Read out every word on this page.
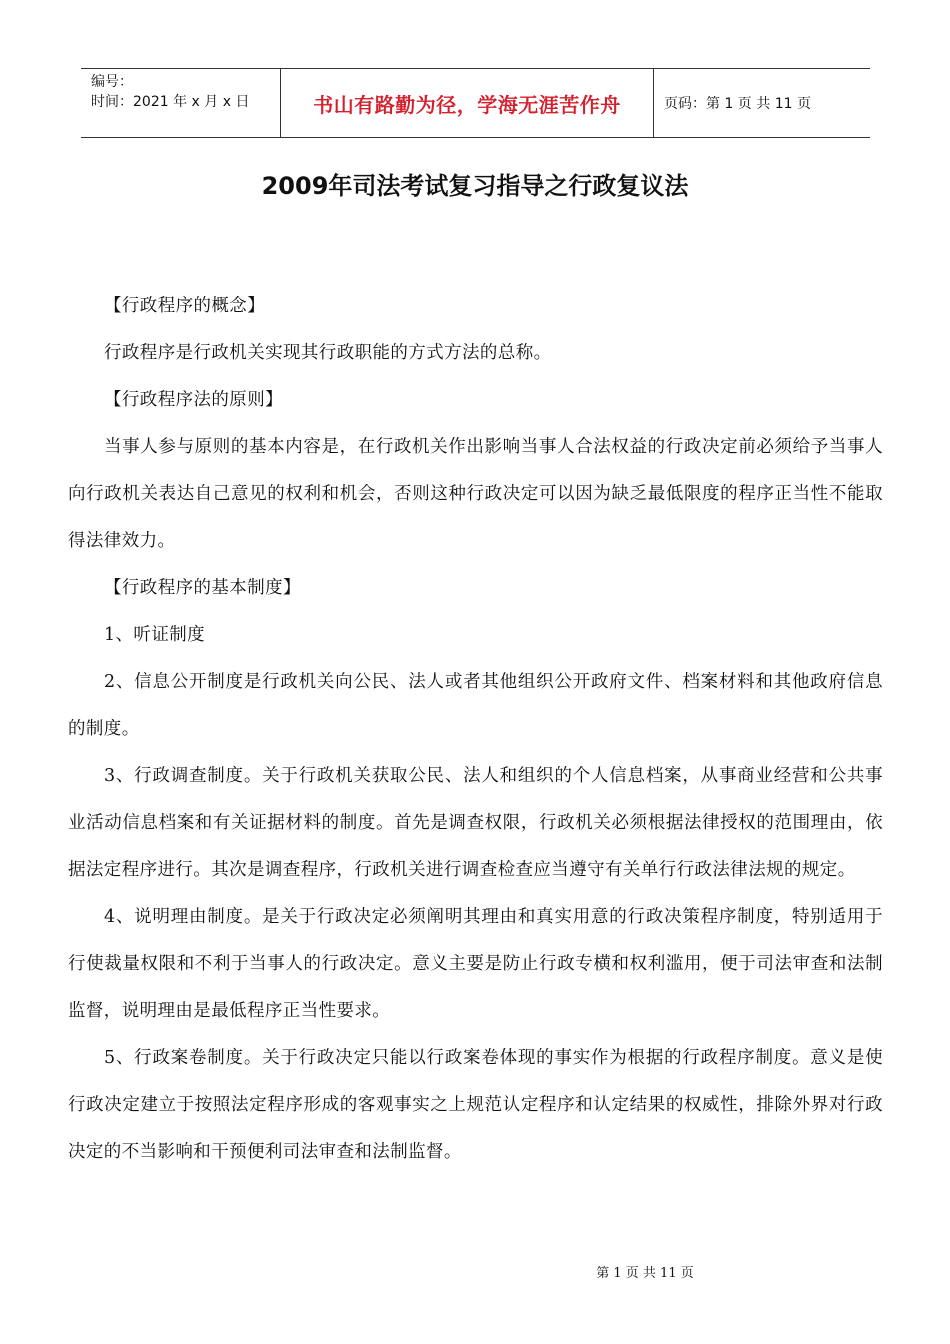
编号：
时间：2021 年 x 月 x 日	书山有路勤为径，学海无涯苦作舟	页码：第 1 页 共 11 页
2009年司法考试复习指导之行政复议法

【行政程序的概念】

行政程序是行政机关实现其行政职能的方式方法的总称。

【行政程序法的原则】

当事人参与原则的基本内容是，在行政机关作出影响当事人合法权益的行政决定前必须给予当事人向行政机关表达自己意见的权利和机会，否则这种行政决定可以因为缺乏最低限度的程序正当性不能取得法律效力。

【行政程序的基本制度】

1、听证制度

2、信息公开制度是行政机关向公民、法人或者其他组织公开政府文件、档案材料和其他政府信息的制度。

3、行政调查制度。关于行政机关获取公民、法人和组织的个人信息档案，从事商业经营和公共事业活动信息档案和有关证据材料的制度。首先是调查权限，行政机关必须根据法律授权的范围理由，依据法定程序进行。其次是调查程序，行政机关进行调查检查应当遵守有关单行行政法律法规的规定。

4、说明理由制度。是关于行政决定必须阐明其理由和真实用意的行政决策程序制度，特别适用于行使裁量权限和不利于当事人的行政决定。意义主要是防止行政专横和权利滥用，便于司法审查和法制监督，说明理由是最低程序正当性要求。

5、行政案卷制度。关于行政决定只能以行政案卷体现的事实作为根据的行政程序制度。意义是使行政决定建立于按照法定程序形成的客观事实之上规范认定程序和认定结果的权威性，排除外界对行政决定的不当影响和干预便利司法审查和法制监督。

第 1 页 共 11 页
